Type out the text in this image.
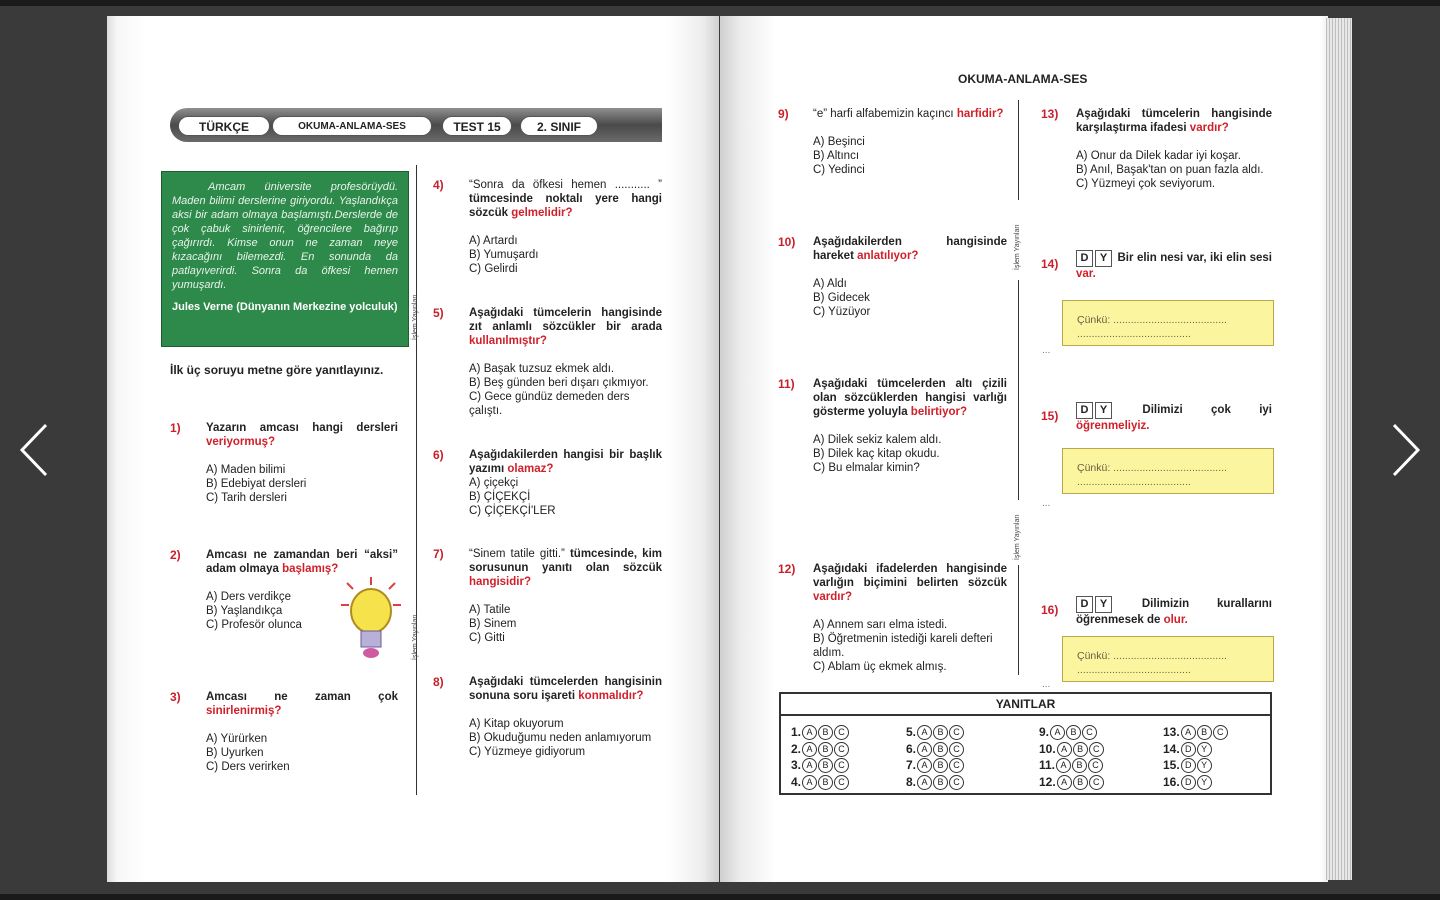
TÜRKÇE	OKUMA-ANLAMA-SES	TEST 15	2. SINIF
Amcam üniversite profesörüydü. Maden bilimi derslerine giriyordu. Yaşlandıkça aksi bir adam olmaya başlamıştı.Derslerde de çok çabuk sinirlenir, öğrencilere bağırıp çağırırdı. Kimse onun ne zaman neye kızacağını bilemezdi. En sonunda da patlayıverirdi. Sonra da öfkesi hemen yumuşardı.
Jules Verne (Dünyanın Merkezine yolculuk)
İlk üç soruyu metne göre yanıtlayınız.
İşlem Yayınları
İşlem Yayınları
İşlem Yayınları
İşlem Yayınları
1) Yazarın amcası hangi dersleri veriyormuş?
A) Maden bilimi
B) Edebiyat dersleri
C) Tarih dersleri
2) Amcası ne zamandan beri “aksi” adam olmaya başlamış?
A) Ders verdikçe
B) Yaşlandıkça
C) Profesör olunca
3) Amcası ne zaman çok sinirlenirmiş?
A) Yürürken
B) Uyurken
C) Ders verirken
4) “Sonra da öfkesi hemen ........... ” tümcesinde noktalı yere hangi sözcük gelmelidir?
A) Artardı
B) Yumuşardı
C) Gelirdi
5) Aşağıdaki tümcelerin hangisinde zıt anlamlı sözcükler bir arada kullanılmıştır?
A) Başak tuzsuz ekmek aldı.
B) Beş günden beri dışarı çıkmıyor.
C) Gece gündüz demeden ders çalıştı.
6) Aşağıdakilerden hangisi bir başlık yazımı olamaz?
A) çiçekçi
B) ÇİÇEKÇİ
C) ÇİÇEKÇİ'LER
7) “Sinem tatile gitti.” tümcesinde, kim sorusunun yanıtı olan sözcük hangisidir?
A) Tatile
B) Sinem
C) Gitti
8) Aşağıdaki tümcelerden hangisinin sonuna soru işareti konmalıdır?
A) Kitap okuyorum
B) Okuduğumu neden anlamıyorum
C) Yüzmeye gidiyorum
OKUMA-ANLAMA-SES
9) “e” harfi alfabemizin kaçıncı harfidir?
A) Beşinci
B) Altıncı
C) Yedinci
10) Aşağıdakilerden hangisinde hareket anlatılıyor?
A) Aldı
B) Gidecek
C) Yüzüyor
11) Aşağıdaki tümcelerden altı çizili olan sözcüklerden hangisi varlığı gösterme yoluyla belirtiyor?
A) Dilek sekiz kalem aldı.
B) Dilek kaç kitap okudu.
C) Bu elmalar kimin?
12) Aşağıdaki ifadelerden hangisinde varlığın biçimini belirten sözcük vardır?
A) Annem sarı elma istedi.
B) Öğretmenin istediği kareli defteri aldım.
C) Ablam üç ekmek almış.
13) Aşağıdaki tümcelerin hangisinde karşılaştırma ifadesi vardır?
A) Onur da Dilek kadar iyi koşar.
B) Anıl, Başak'tan on puan fazla aldı.
C) Yüzmeyi çok seviyorum.
14)	D Y Bir elin nesi var, iki elin sesi var.
Çünkü: .......................................
.......................................
...
15)	D Y	Dilimizi çok iyi öğrenmeliyiz.
Çünkü: .......................................
.......................................
...
16)	D Y	Dilimizin kurallarını öğrenmesek de olur.
Çünkü: .......................................
.......................................
...
YANITLAR
1. A B C
2. A B C
3. A B C
4. A B C
5. A B C
6. A B C
7. A B C
8. A B C
9. A B C
10. A B C
11. A B C
12. A B C
13. A B C
14. D Y
15. D Y
16. D Y
